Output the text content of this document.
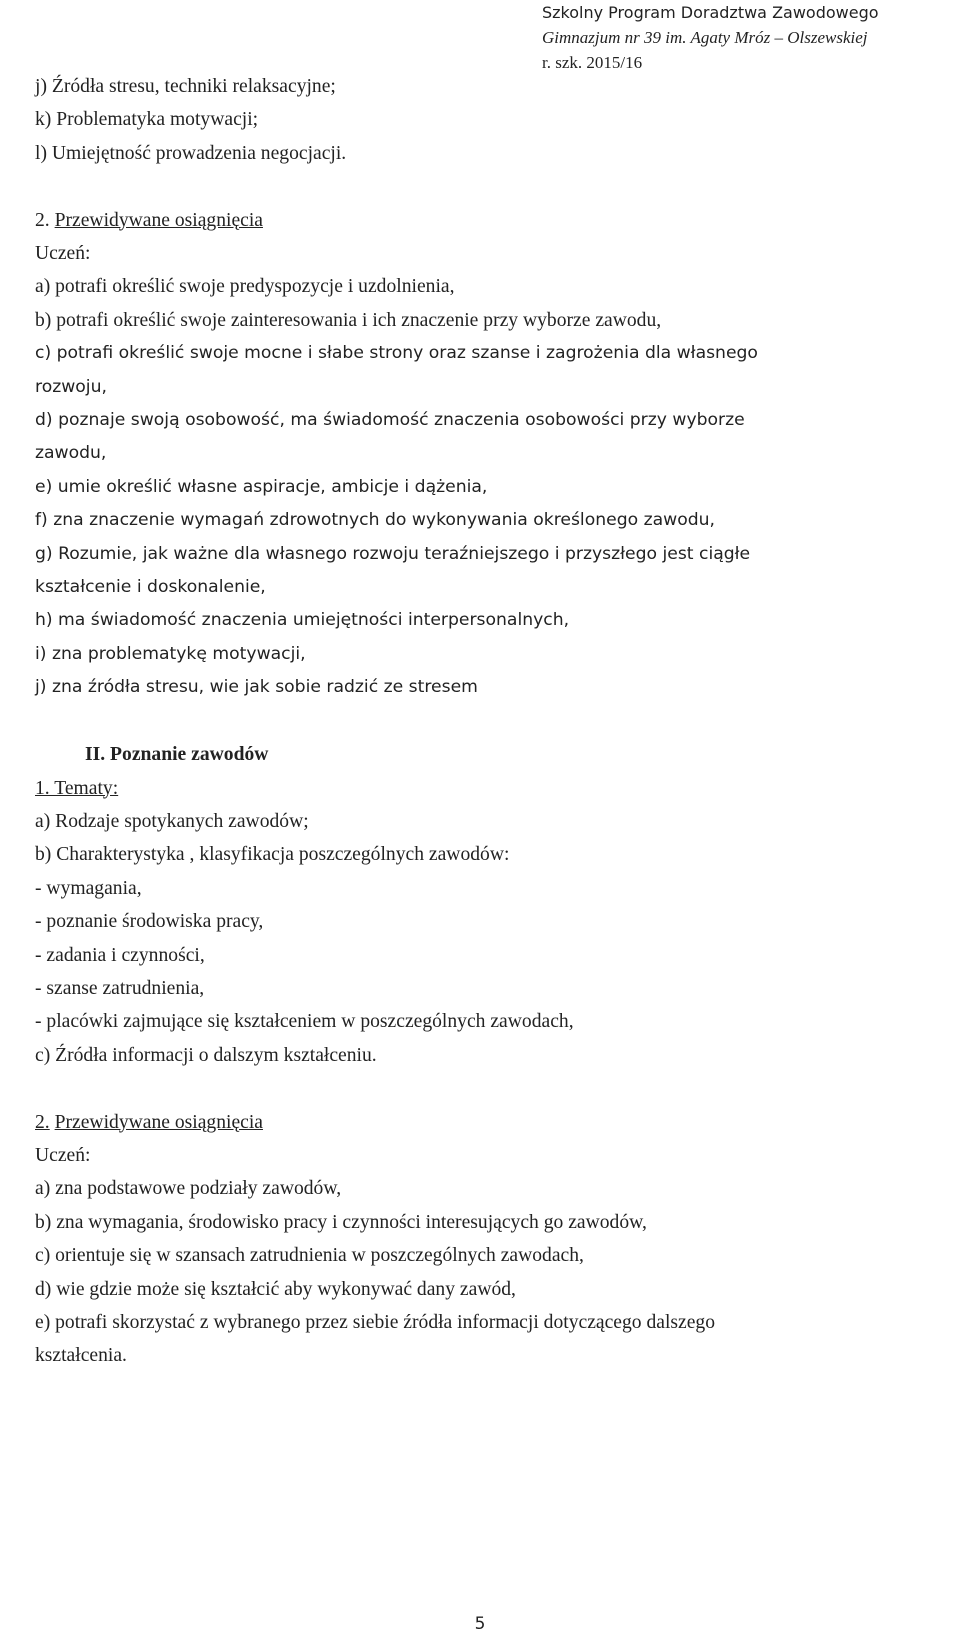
Szkolny Program Doradztwa Zawodowego
Gimnazjum nr 39 im. Agaty Mróz – Olszewskiej
r. szk. 2015/16
j) Źródła stresu, techniki relaksacyjne;
k) Problematyka motywacji;
l) Umiejętność prowadzenia negocjacji.
2. Przewidywane osiągnięcia
Uczeń:
a) potrafi określić swoje predyspozycje i uzdolnienia,
b) potrafi określić swoje zainteresowania i ich znaczenie przy wyborze zawodu,
c) potrafi określić swoje mocne i słabe strony oraz szanse i zagrożenia dla własnego
rozwoju,
d) poznaje swoją osobowość, ma świadomość znaczenia osobowości przy wyborze
zawodu,
e) umie określić własne aspiracje, ambicje i dążenia,
f) zna znaczenie wymagań zdrowotnych do wykonywania określonego zawodu,
g) Rozumie, jak ważne dla własnego rozwoju teraźniejszego i przyszłego jest ciągłe
kształcenie i doskonalenie,
h) ma świadomość znaczenia umiejętności interpersonalnych,
i) zna problematykę motywacji,
j) zna źródła stresu, wie jak sobie radzić ze stresem
II. Poznanie zawodów
1. Tematy:
a) Rodzaje spotykanych zawodów;
b) Charakterystyka , klasyfikacja poszczególnych zawodów:
- wymagania,
- poznanie środowiska pracy,
- zadania i czynności,
- szanse zatrudnienia,
- placówki zajmujące się kształceniem w poszczególnych zawodach,
c) Źródła informacji o dalszym kształceniu.
2. Przewidywane osiągnięcia
Uczeń:
a) zna podstawowe podziały zawodów,
b) zna wymagania, środowisko pracy i czynności interesujących go zawodów,
c) orientuje się w szansach zatrudnienia w poszczególnych zawodach,
d) wie gdzie może się kształcić aby wykonywać dany zawód,
e) potrafi skorzystać z wybranego przez siebie źródła informacji dotyczącego dalszego
kształcenia.
5
